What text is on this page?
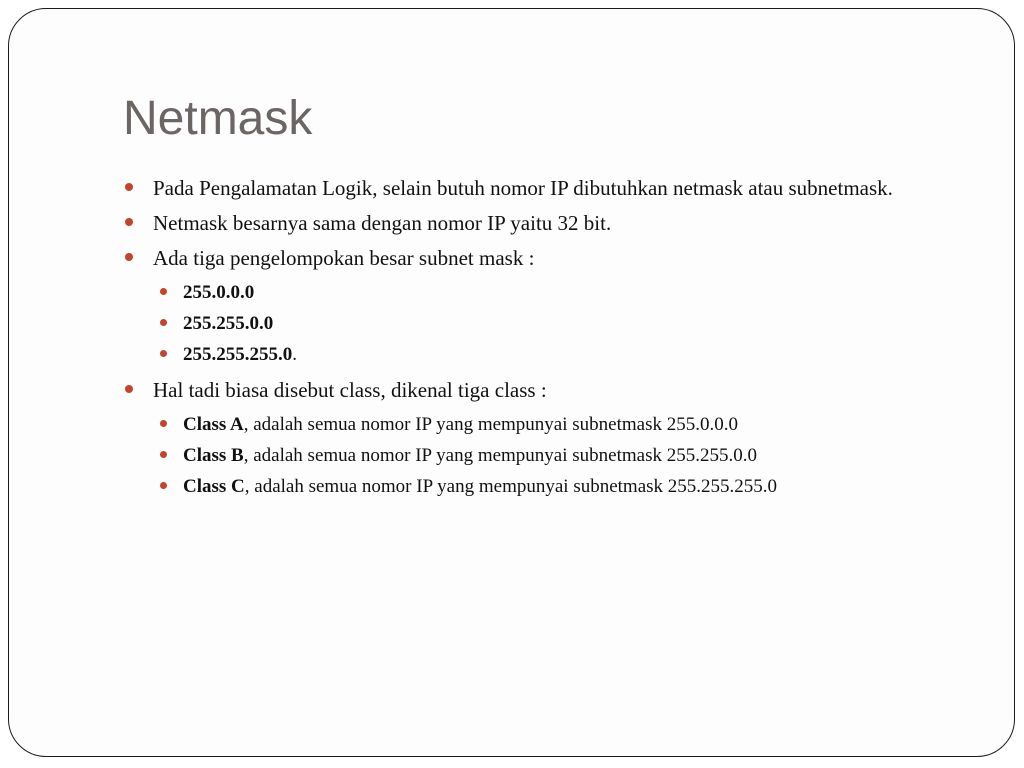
Netmask
Pada Pengalamatan Logik, selain butuh nomor IP dibutuhkan netmask atau subnetmask.
Netmask besarnya sama dengan nomor IP yaitu 32 bit.
Ada tiga pengelompokan besar subnet mask :
255.0.0.0
255.255.0.0
255.255.255.0.
Hal tadi biasa disebut class, dikenal tiga class :
Class A, adalah semua nomor IP yang mempunyai subnetmask 255.0.0.0
Class B, adalah semua nomor IP yang mempunyai subnetmask 255.255.0.0
Class C, adalah semua nomor IP yang mempunyai subnetmask 255.255.255.0
